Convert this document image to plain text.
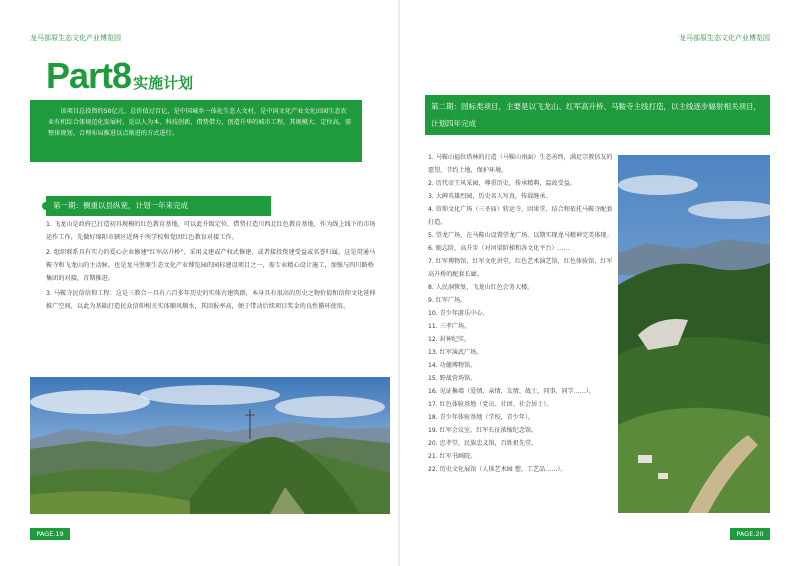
龙马部原生态文化产业博览园
Part8 实施计划
该项目总投资约50亿元，总价值过百亿，是中国城乡一体化生态人文村，是中国文化产业文化田园生态农业有机综合体规范化发展村，是以人为本、科技创新，借势借力，创造升华的城市工程，其规模大、定位高，需整体规划、合理布局推进以点渐进的方式进行。
第一期：侧重以县纵宽，计划一年来完成

1. 飞龙山是政府已打造初具规模的红色教育基地，可以此升级定位，借势打造川西北红色教育基地，作为线上线下的市场运作工作，先做好绵阳市辖区近两千所学校和党团红色教育对接工作。

2. 组织联系具有实力的爱心企业修建"红军高升桥"，采用义建或产权式修建，或者接投资建受益或名誉归属，这是贯通马鞍寺和飞龙山的主动脉，也是龙马堡原生态文化产业博览园的园标建设项目之一，需专业精心设计施工，加强与四川路桥集团的对接，首期推进。

3. 马鞍寺民信信仰工程：这是三教合一具有六百多年历史的实体古建筑群，本身具有很高的历史之物价值和信仰文化延伸推广空间，以此为基础打造民众信仰相关实体顺风顺水，其回报率高，便于带动后续项目奖金的良性循环使用。

PAGE.19
龙马部原生态文化产业博览园
第二期：园标类项目，主要是以飞龙山、红军高升桥、马鞍寺主线打造，以主线逐步辐射相关项目，计划四年完成
1. 马鞍山福位塔林的打造（马鞍山南面）生态善终，满足宗教信友的愿望，节约土地，保护环境。
2. 历代帝王风采园，尊重历史，传承精典，温故受益。
3. 大碑英雄烈园，历史名人写真，传载继承。
4. 信仰文化广场（三圣庙）转运寺，因果堂，结合和依托马鞍寺配套打造。
5. 望龙广场，在马鞍山设置望龙广场，以期实现龙马精神完美体现。
6. 励志阶，高升步（对河梁阶梯和各文化平台）……
7. 红军博物馆，红军文化讲堂，红色艺术演艺馆，红色体验馆，红军高升桥的配套长廊。
8. 人民洞恢复，飞龙山红色会务大楼。
9. 红军广场。
10. 青少年游乐中心。
11. 三孝广场。
12. 封神纪实。
13. 红军演武广场。
14. 功德博物馆。
15. 野战营场馆。
16. 见证集墙（爱情、亲情、友情、战士、同事、同学……）。
17. 红色体验基地（党员、社团、社会居士）。
18. 青少年体验基地（学校，青少年）。
19. 红军会议室，红军长征浓缩纪念馆。
20. 忠孝堂，民族忠义馆，百姓祖先堂。
21. 红军书画院。
22. 历史文化展馆（人体艺术园 塑、工艺品……）。
PAGE.20
